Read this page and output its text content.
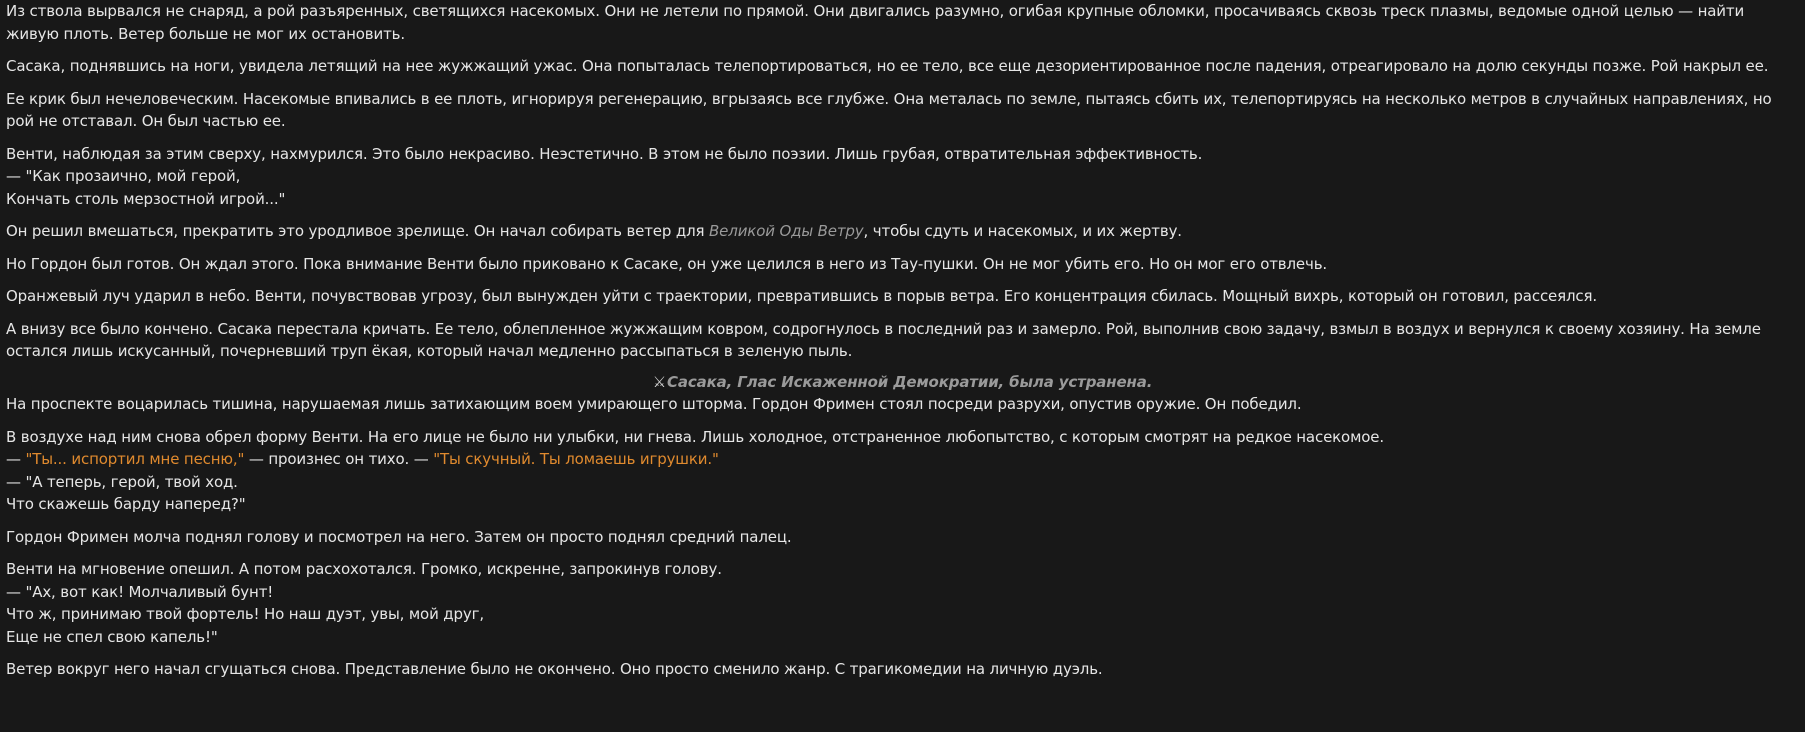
Из ствола вырвался не снаряд, а рой разъяренных, светящихся насекомых. Они не летели по прямой. Они двигались разумно, огибая крупные обломки, просачиваясь сквозь треск плазмы, ведомые одной целью — найти живую плоть. Ветер больше не мог их остановить.

Сасака, поднявшись на ноги, увидела летящий на нее жужжащий ужас. Она попыталась телепортироваться, но ее тело, все еще дезориентированное после падения, отреагировало на долю секунды позже. Рой накрыл ее.

Ее крик был нечеловеческим. Насекомые впивались в ее плоть, игнорируя регенерацию, вгрызаясь все глубже. Она металась по земле, пытаясь сбить их, телепортируясь на несколько метров в случайных направлениях, но рой не отставал. Он был частью ее.

Венти, наблюдая за этим сверху, нахмурился. Это было некрасиво. Неэстетично. В этом не было поэзии. Лишь грубая, отвратительная эффективность.
— "Как прозаично, мой герой,
Кончать столь мерзостной игрой..."

Он решил вмешаться, прекратить это уродливое зрелище. Он начал собирать ветер для Великой Оды Ветру, чтобы сдуть и насекомых, и их жертву.

Но Гордон был готов. Он ждал этого. Пока внимание Венти было приковано к Сасаке, он уже целился в него из Тау-пушки. Он не мог убить его. Но он мог его отвлечь.

Оранжевый луч ударил в небо. Венти, почувствовав угрозу, был вынужден уйти с траектории, превратившись в порыв ветра. Его концентрация сбилась. Мощный вихрь, который он готовил, рассеялся.

А внизу все было кончено. Сасака перестала кричать. Ее тело, облепленное жужжащим ковром, содрогнулось в последний раз и замерло. Рой, выполнив свою задачу, взмыл в воздух и вернулся к своему хозяину. На земле остался лишь искусанный, почерневший труп ёкая, который начал медленно рассыпаться в зеленую пыль.

⚔Сасака, Глас Искаженной Демократии, была устранена.

На проспекте воцарилась тишина, нарушаемая лишь затихающим воем умирающего шторма. Гордон Фримен стоял посреди разрухи, опустив оружие. Он победил.

В воздухе над ним снова обрел форму Венти. На его лице не было ни улыбки, ни гнева. Лишь холодное, отстраненное любопытство, с которым смотрят на редкое насекомое.
— "Ты... испортил мне песню," — произнес он тихо. — "Ты скучный. Ты ломаешь игрушки."
— "А теперь, герой, твой ход.
Что скажешь барду наперед?"

Гордон Фримен молча поднял голову и посмотрел на него. Затем он просто поднял средний палец.

Венти на мгновение опешил. А потом расхохотался. Громко, искренне, запрокинув голову.
— "Ах, вот как! Молчаливый бунт!
Что ж, принимаю твой фортель! Но наш дуэт, увы, мой друг,
Еще не спел свою капель!"

Ветер вокруг него начал сгущаться снова. Представление было не окончено. Оно просто сменило жанр. С трагикомедии на личную дуэль.
